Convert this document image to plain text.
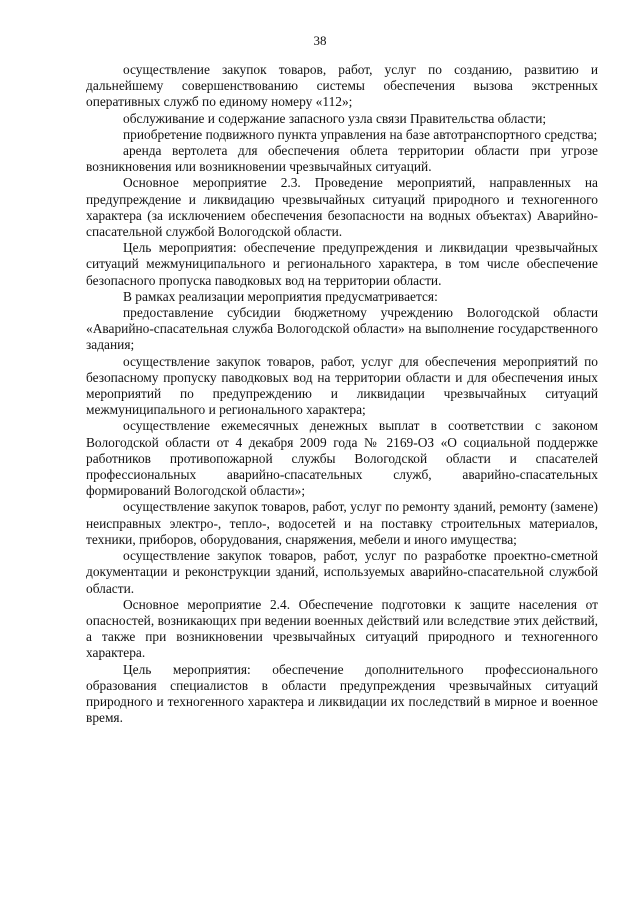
38

осуществление закупок товаров, работ, услуг по созданию, развитию и дальнейшему совершенствованию системы обеспечения вызова экстренных оперативных служб по единому номеру «112»;

обслуживание и содержание запасного узла связи Правительства области;

приобретение подвижного пункта управления на базе автотранспортного средства;

аренда вертолета для обеспечения облета территории области при угрозе возникновения или возникновении чрезвычайных ситуаций.

Основное мероприятие 2.3. Проведение мероприятий, направленных на предупреждение и ликвидацию чрезвычайных ситуаций природного и техногенного характера (за исключением обеспечения безопасности на водных объектах) Аварийно-спасательной службой Вологодской области.

Цель мероприятия: обеспечение предупреждения и ликвидации чрезвычайных ситуаций межмуниципального и регионального характера, в том числе обеспечение безопасного пропуска паводковых вод на территории области.

В рамках реализации мероприятия предусматривается:

предоставление субсидии бюджетному учреждению Вологодской области «Аварийно-спасательная служба Вологодской области» на выполнение государственного задания;

осуществление закупок товаров, работ, услуг для обеспечения мероприятий по безопасному пропуску паводковых вод на территории области и для обеспечения иных мероприятий по предупреждению и ликвидации чрезвычайных ситуаций межмуниципального и регионального характера;

осуществление ежемесячных денежных выплат в соответствии с законом Вологодской области от 4 декабря 2009 года № 2169-ОЗ «О социальной поддержке работников противопожарной службы Вологодской области и спасателей профессиональных аварийно-спасательных служб, аварийно-спасательных формирований Вологодской области»;

осуществление закупок товаров, работ, услуг по ремонту зданий, ремонту (замене) неисправных электро-, тепло-, водосетей и на поставку строительных материалов, техники, приборов, оборудования, снаряжения, мебели и иного имущества;

осуществление закупок товаров, работ, услуг по разработке проектно-сметной документации и реконструкции зданий, используемых аварийно-спасательной службой области.

Основное мероприятие 2.4. Обеспечение подготовки к защите населения от опасностей, возникающих при ведении военных действий или вследствие этих действий, а также при возникновении чрезвычайных ситуаций природного и техногенного характера.

Цель мероприятия: обеспечение дополнительного профессионального образования специалистов в области предупреждения чрезвычайных ситуаций природного и техногенного характера и ликвидации их последствий в мирное и военное время.
